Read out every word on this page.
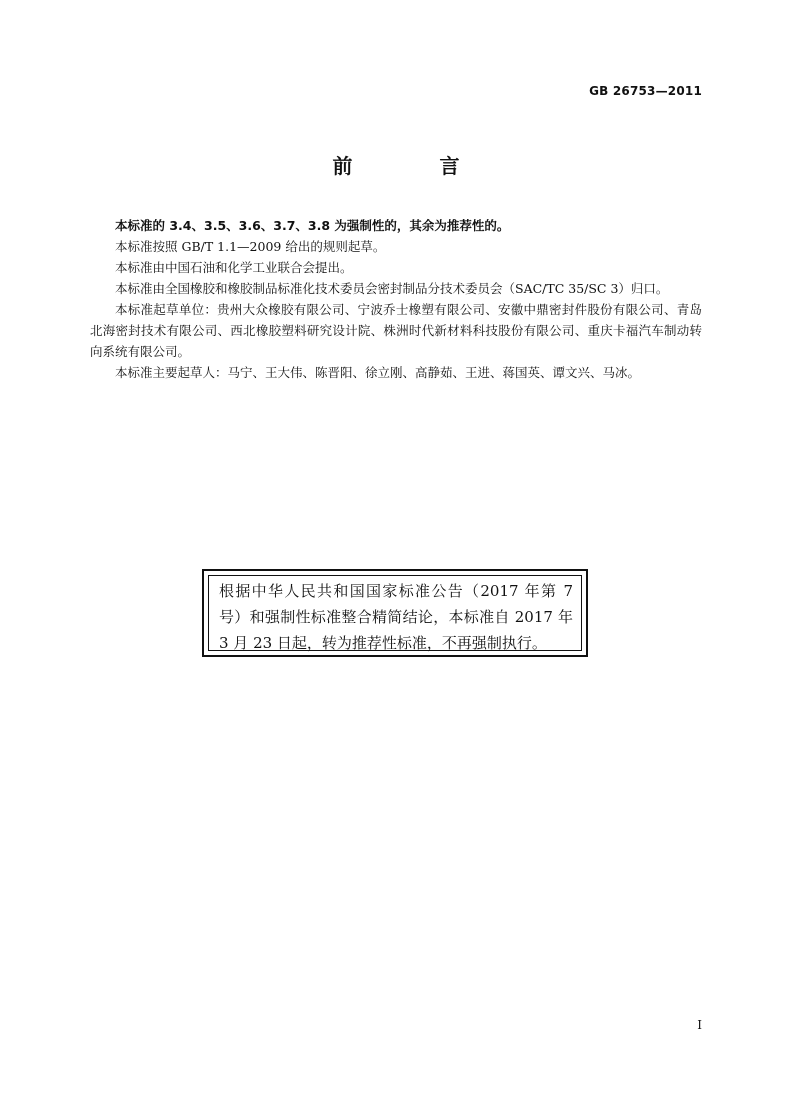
GB 26753—2011
前 言

本标准的 3.4、3.5、3.6、3.7、3.8 为强制性的，其余为推荐性的。

本标准按照 GB/T 1.1—2009 给出的规则起草。

本标准由中国石油和化学工业联合会提出。

本标准由全国橡胶和橡胶制品标准化技术委员会密封制品分技术委员会（SAC/TC 35/SC 3）归口。

本标准起草单位：贵州大众橡胶有限公司、宁波乔士橡塑有限公司、安徽中鼎密封件股份有限公司、青岛北海密封技术有限公司、西北橡胶塑料研究设计院、株洲时代新材料科技股份有限公司、重庆卡福汽车制动转向系统有限公司。

本标准主要起草人：马宁、王大伟、陈晋阳、徐立刚、高静茹、王进、蒋国英、谭文兴、马冰。

根据中华人民共和国国家标准公告（2017 年第 7 号）和强制性标准整合精简结论，本标准自 2017 年 3 月 23 日起，转为推荐性标准，不再强制执行。
I
